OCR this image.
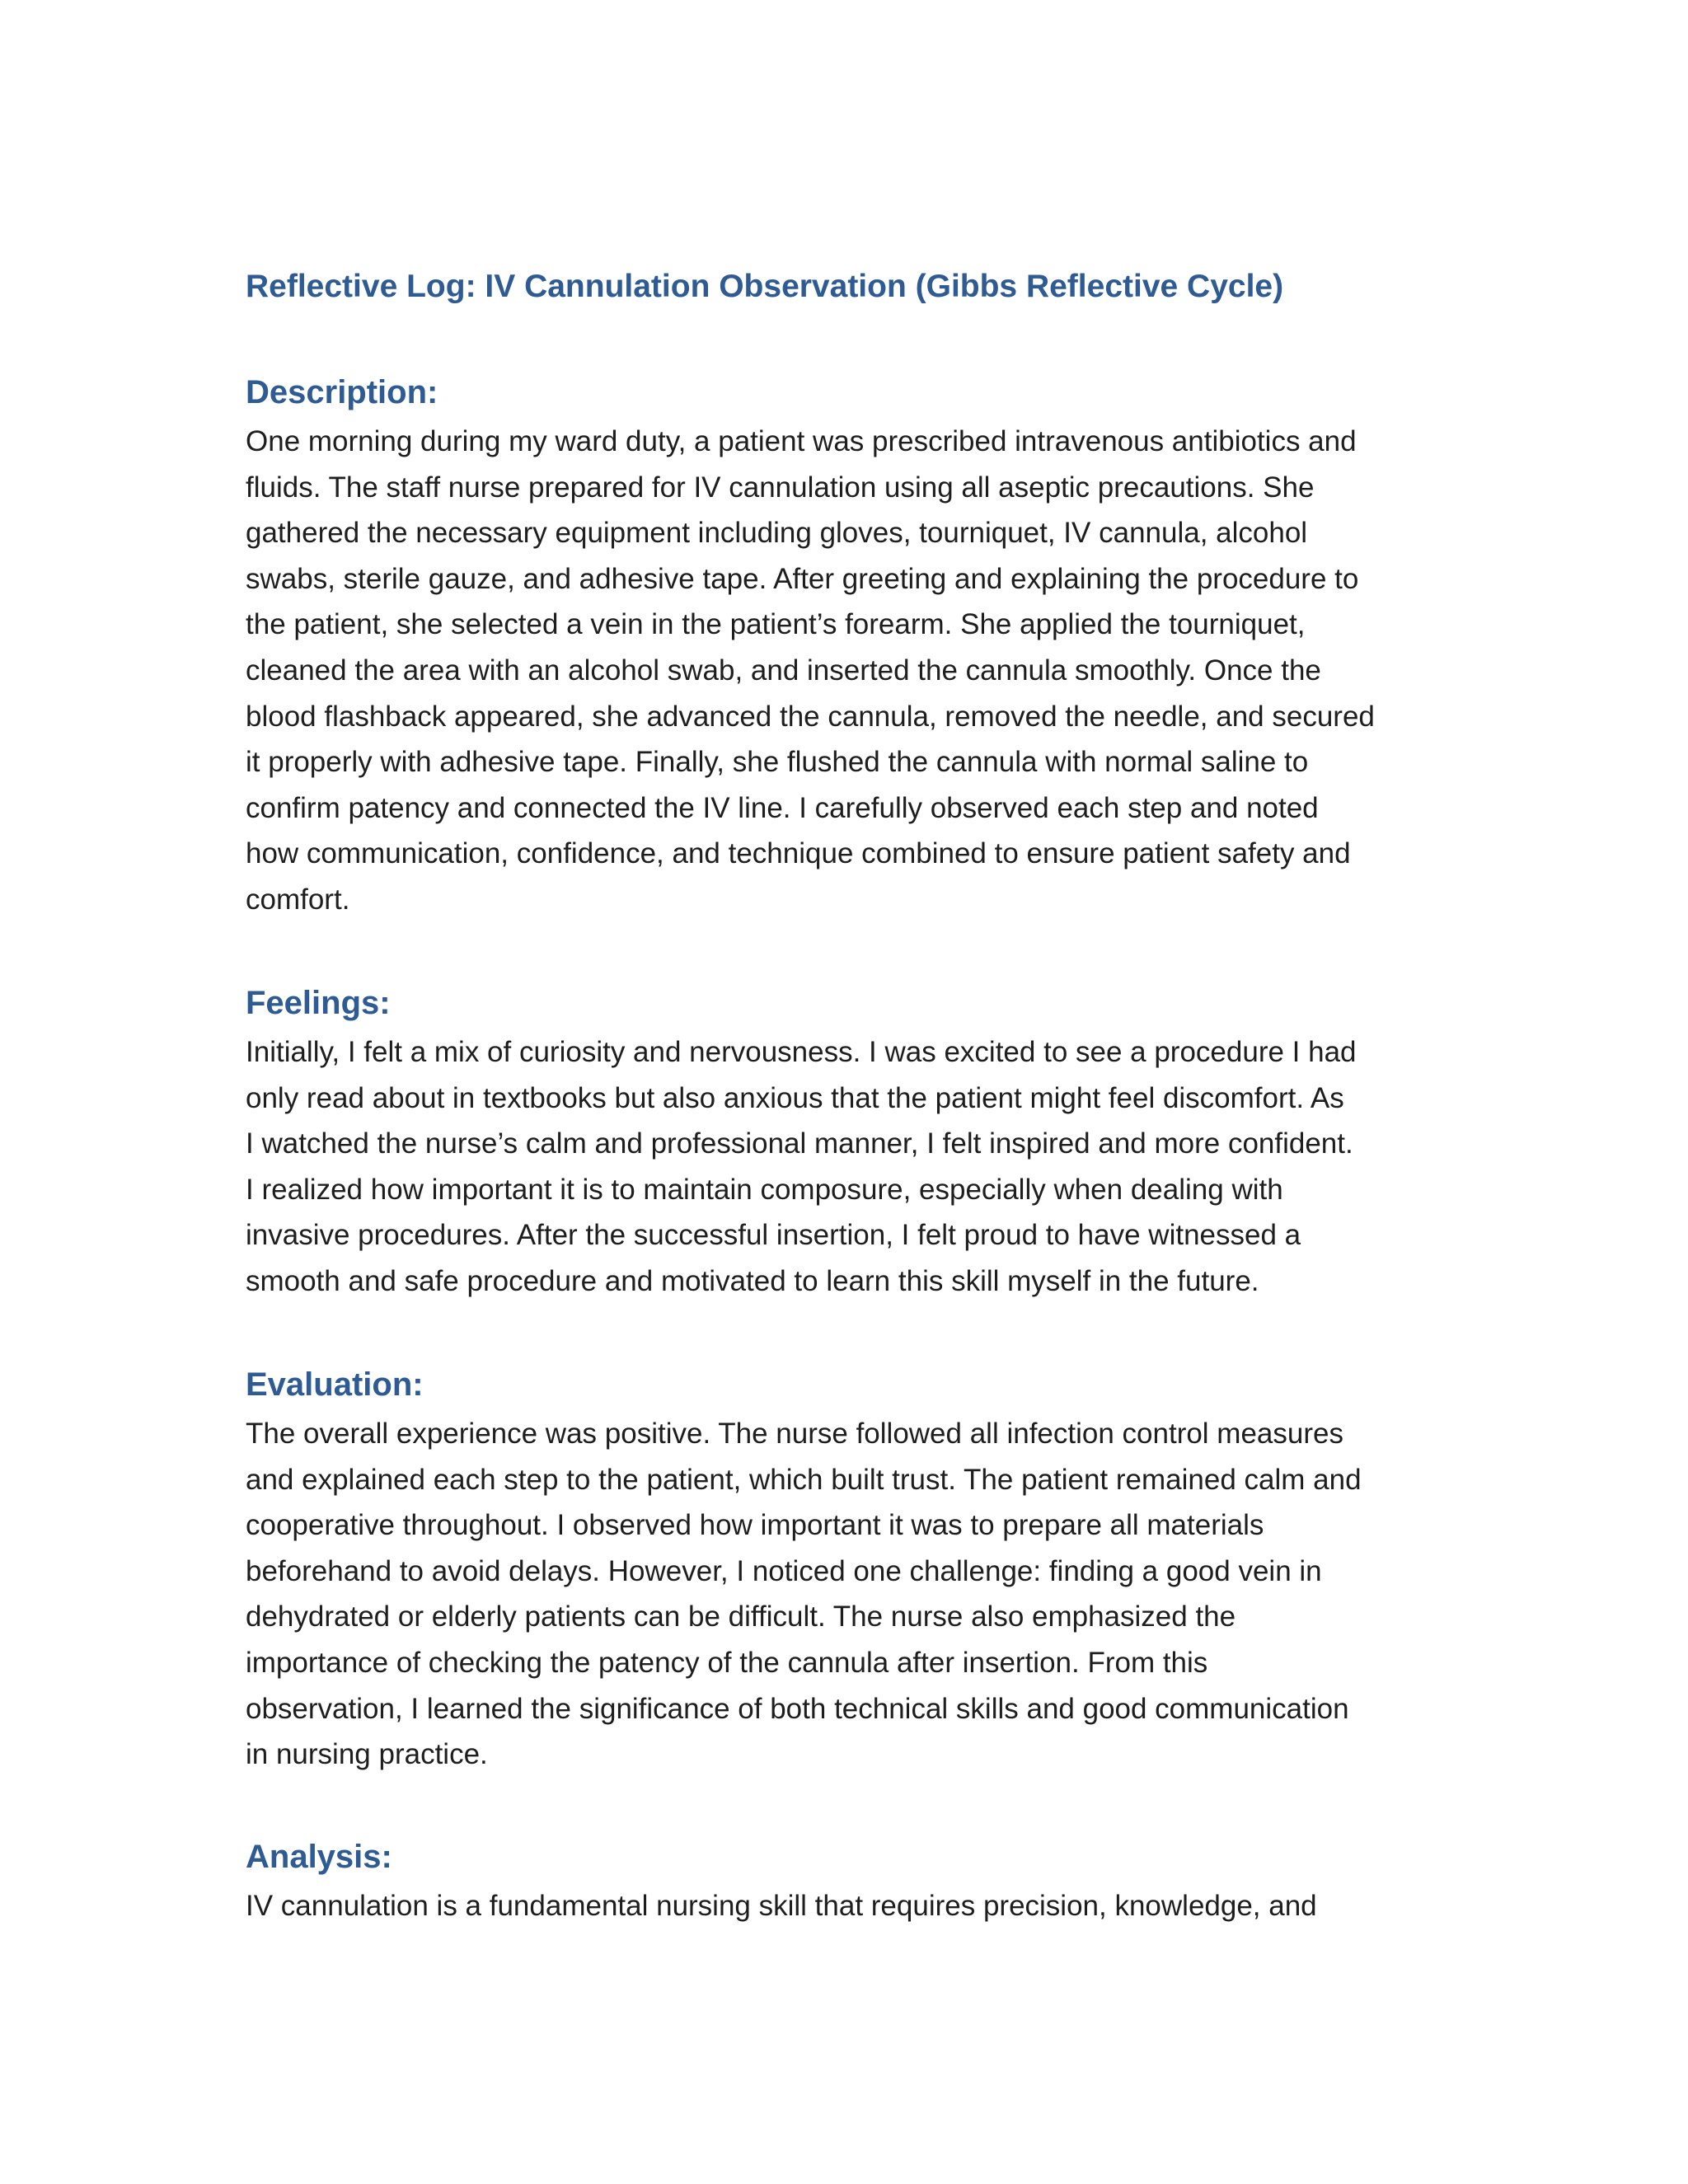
Reflective Log: IV Cannulation Observation (Gibbs Reflective Cycle)
Description:
One morning during my ward duty, a patient was prescribed intravenous antibiotics and
fluids. The staff nurse prepared for IV cannulation using all aseptic precautions. She
gathered the necessary equipment including gloves, tourniquet, IV cannula, alcohol
swabs, sterile gauze, and adhesive tape. After greeting and explaining the procedure to
the patient, she selected a vein in the patient’s forearm. She applied the tourniquet,
cleaned the area with an alcohol swab, and inserted the cannula smoothly. Once the
blood flashback appeared, she advanced the cannula, removed the needle, and secured
it properly with adhesive tape. Finally, she flushed the cannula with normal saline to
confirm patency and connected the IV line. I carefully observed each step and noted
how communication, confidence, and technique combined to ensure patient safety and
comfort.
Feelings:
Initially, I felt a mix of curiosity and nervousness. I was excited to see a procedure I had
only read about in textbooks but also anxious that the patient might feel discomfort. As
I watched the nurse’s calm and professional manner, I felt inspired and more confident.
I realized how important it is to maintain composure, especially when dealing with
invasive procedures. After the successful insertion, I felt proud to have witnessed a
smooth and safe procedure and motivated to learn this skill myself in the future.
Evaluation:
The overall experience was positive. The nurse followed all infection control measures
and explained each step to the patient, which built trust. The patient remained calm and
cooperative throughout. I observed how important it was to prepare all materials
beforehand to avoid delays. However, I noticed one challenge: finding a good vein in
dehydrated or elderly patients can be difficult. The nurse also emphasized the
importance of checking the patency of the cannula after insertion. From this
observation, I learned the significance of both technical skills and good communication
in nursing practice.
Analysis:
IV cannulation is a fundamental nursing skill that requires precision, knowledge, and
